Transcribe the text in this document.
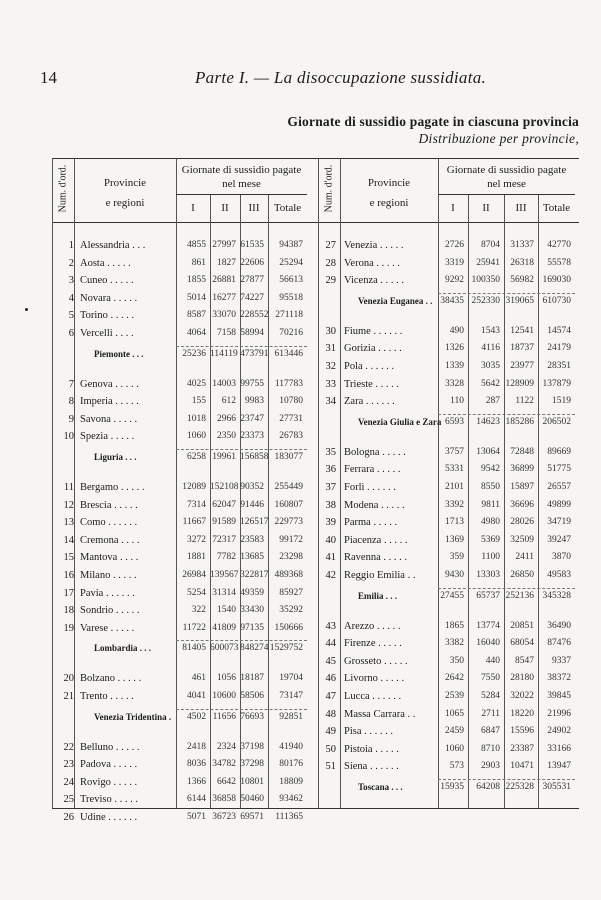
14	Parte I. — La disoccupazione sussidiata.
Giornate di sussidio pagate in ciascuna provincia
Distribuzione per provincie,
Num. d'ord.	Provincie
e regioni
Giornate di sussidio pagate
nel mese
I	II	III	Totale
1 Alessandria . . .	4855 27997 61535	94387
2 Aosta . . . . .	861	1827 22606	25294
3 Cuneo . . . . .	1855 26881 27877	56613
4 Novara . . . . .	5014 16277 74227	95518
5 Torino . . . . .	8587 33070 228552 271118
6 Vercelli . . . .	4064	7158 58994	70216
Piemonte . . .	25236 114119 473791 613446
7 Genova . . . . .	4025 14003 99755	117783
8 Imperia . . . . .	155	612 9983	10780
9 Savona . . . . .	1018	2966 23747	27731
10 Spezia . . . . .	1060	2350 23373	26783
Liguria . . .	6258 19961 156858 183077
11 Bergamo . . . . .	12089 152108 90352	255449
12 Brescia . . . . .	7314 62047 91446	160807
13 Como . . . . . .	11667 91589 126517 229773
14 Cremona . . . .	3272 72317 23583	99172
15 Mantova . . . .	1881	7782 13685	23298
16 Milano . . . . .	26984 139567 322817 489368
17 Pavia . . . . . .	5254 31314 49359	85927
18 Sondrio . . . . .	322	1540 33430	35292
19 Varese . . . . .	11722 41809 97135	150666
Lombardia . . .	81405 600073 848274 1529752
20 Bolzano . . . . .	461	1056 18187	19704
21 Trento . . . . .	4041 10600 58506	73147
Venezia Tridentina .	4502 11656 76693	92851
22 Belluno . . . . .	2418	2324 37198	41940
23 Padova . . . . .	8036 34782 37298	80176
24 Rovigo . . . . .	1366	6642 10801	18809
25 Treviso . . . . .	6144 36858 50460	93462
26 Udine . . . . . .	5071 36723 69571	111365
Num. d'ord.	Provincie
e regioni
Giornate di sussidio pagate
nel mese
I	II	III	Totale
27 Venezia . . . . .	2726	8704	31337	42770
28 Verona . . . . .	3319	25941	26318	55578
29 Vicenza . . . . .	9292 100350	56982 169030
Venezia Euganea . . 38435 252330 319065 610730
30 Fiume . . . . . .	490	1543	12541	14574
31 Gorizia . . . . .	1326	4116	18737	24179
32 Pola . . . . . .	1339	3035	23977	28351
33 Trieste . . . . .	3328	5642 128909 137879
34 Zara . . . . . .	110	287	1122	1519
Venezia Giulia e Zara 6593	14623 185286 206502
35 Bologna . . . . .	3757	13064	72848	89669
36 Ferrara . . . . .	5331	9542	36899	51775
37 Forlì . . . . . .	2101	8550	15897	26557
38 Modena . . . . .	3392	9811	36696	49899
39 Parma . . . . .	1713	4980	28026	34719
40 Piacenza . . . . .	1369	5369	32509	39247
41 Ravenna . . . . .	359	1100	2411	3870
42 Reggio Emilia . .	9430	13303	26850	49583
Emilia . . .	27455	65737 252136 345328
43 Arezzo . . . . .	1865	13774	20851	36490
44 Firenze . . . . .	3382	16040	68054	87476
45 Grosseto . . . . .	350	440	8547	9337
46 Livorno . . . . .	2642	7550	28180	38372
47 Lucca . . . . . .	2539	5284	32022	39845
48 Massa Carrara . .	1065	2711	18220	21996
49 Pisa . . . . . .	2459	6847	15596	24902
50 Pistoia . . . . .	1060	8710	23387	33166
51 Siena . . . . . .	573	2903	10471	13947
Toscana . . .	15935	64208 225328 305531
